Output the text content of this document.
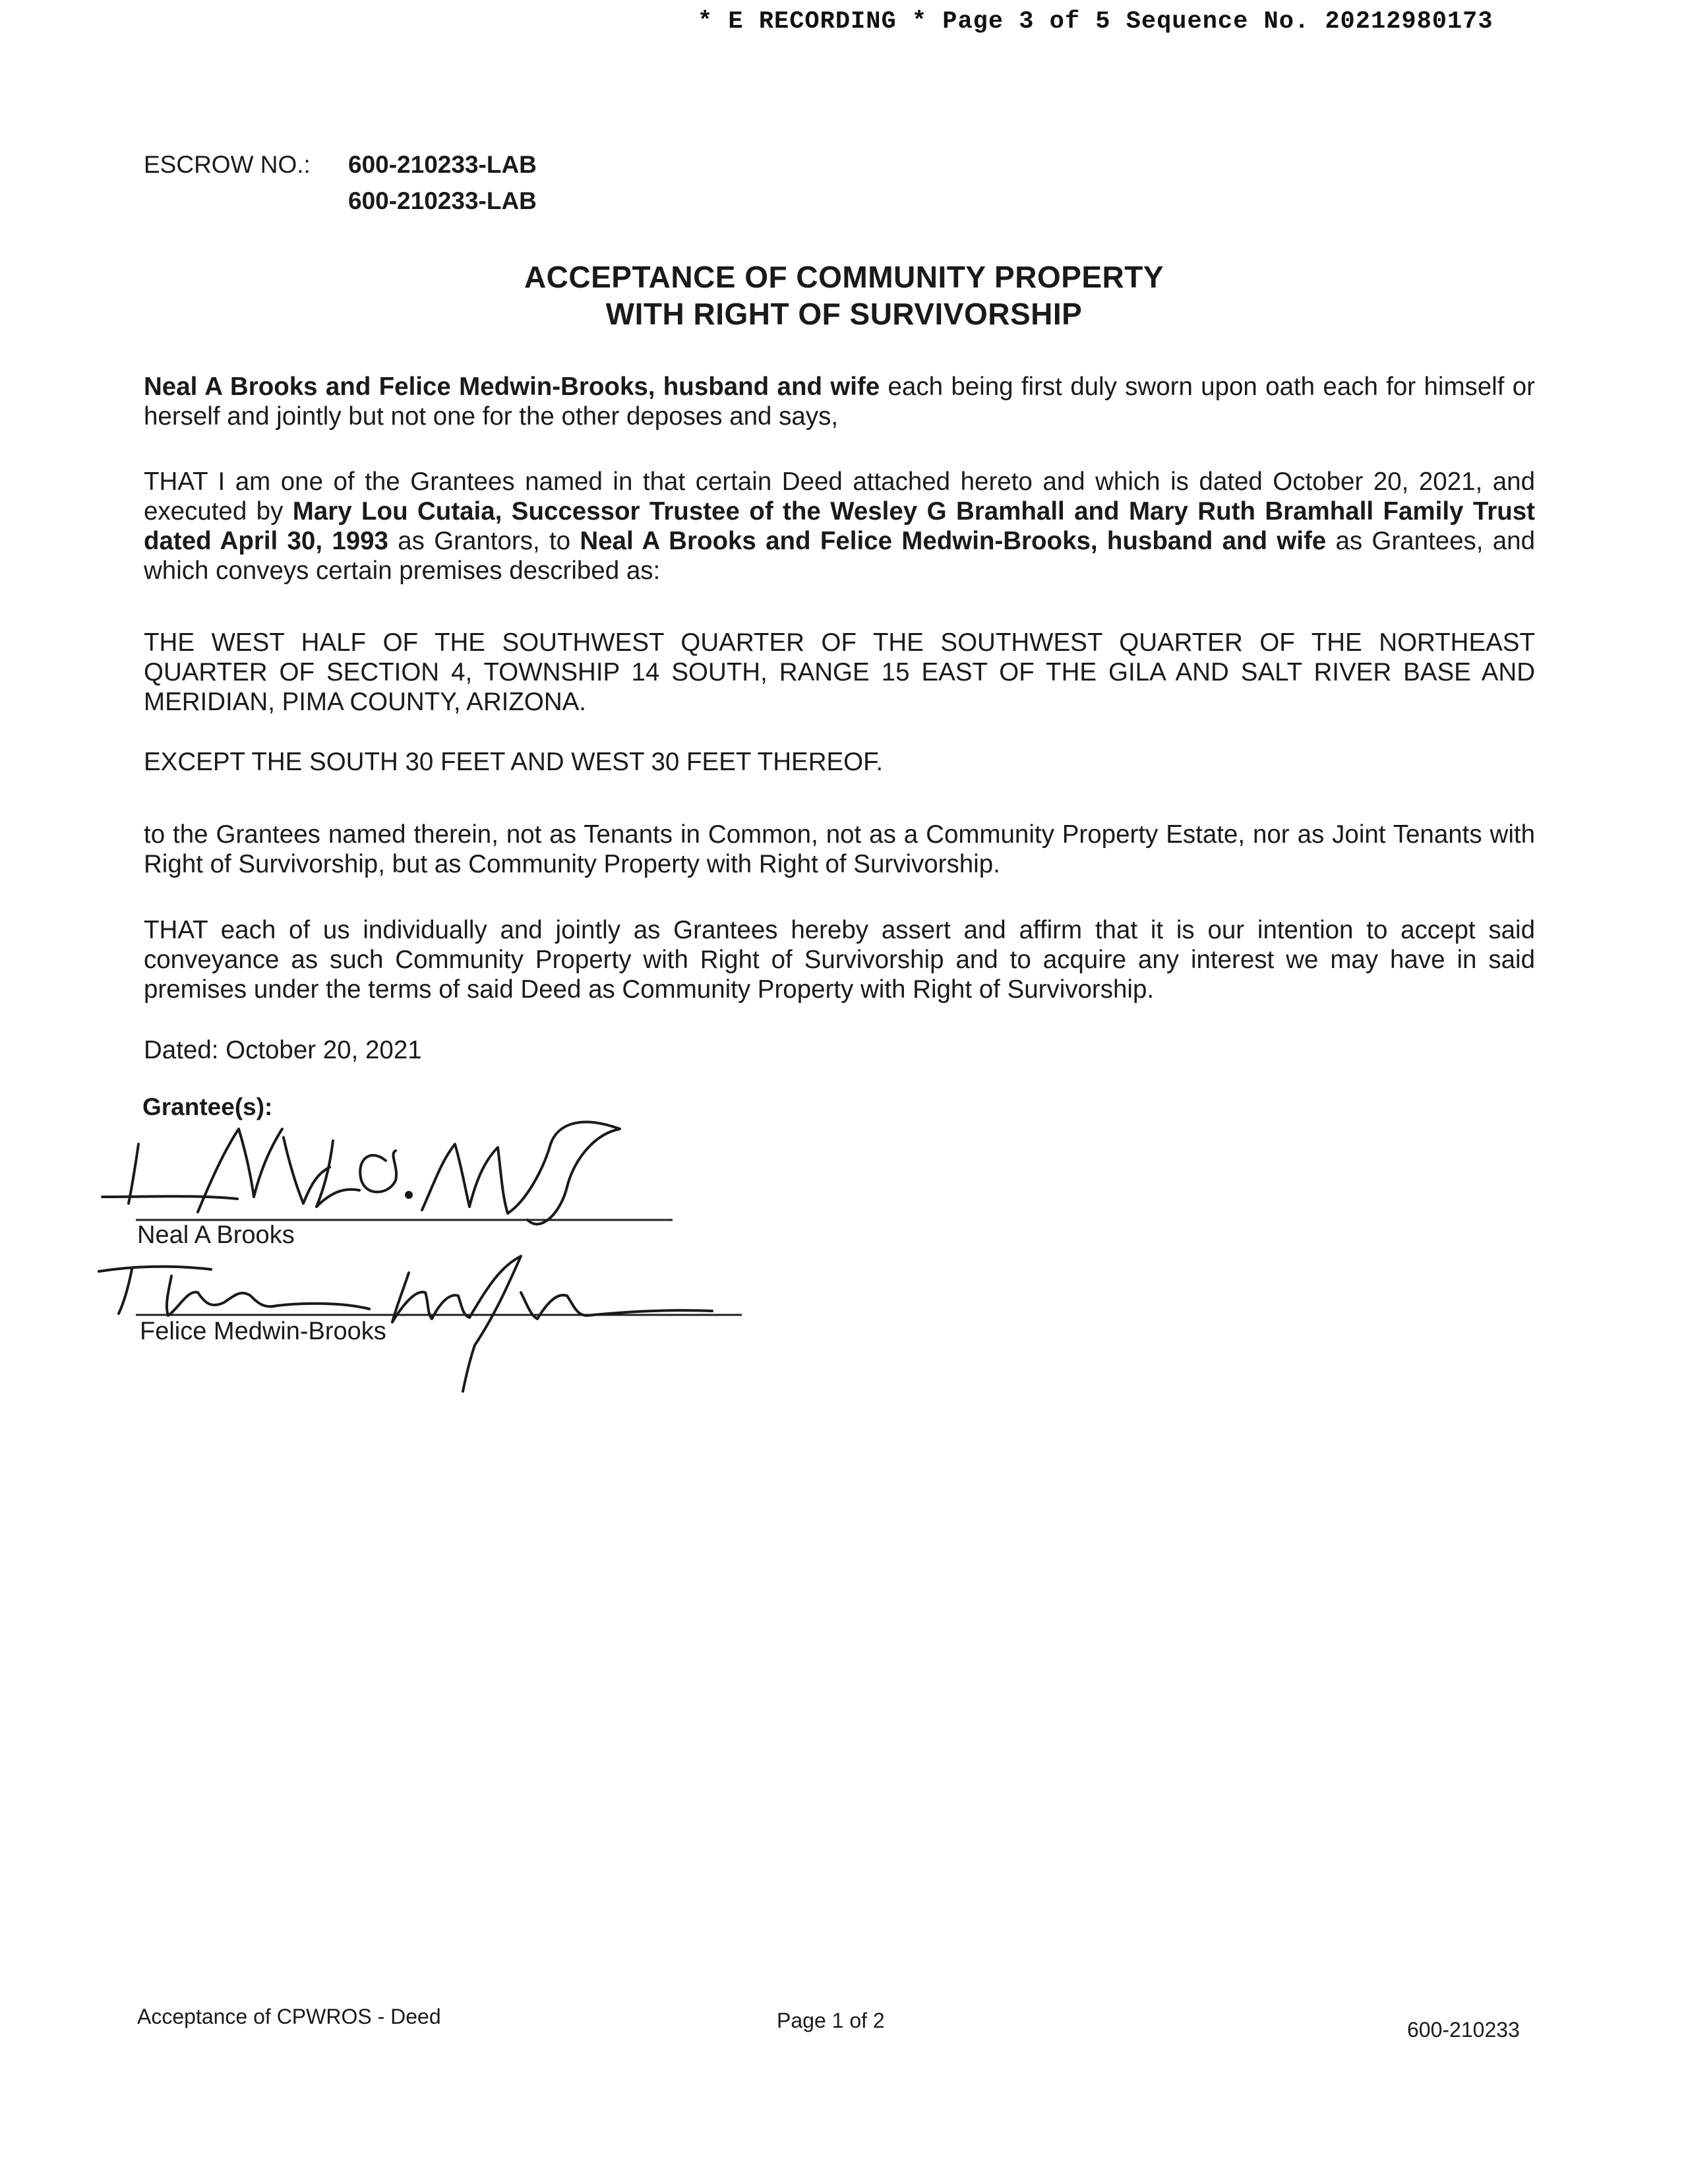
* E RECORDING * Page 3 of 5 Sequence No. 20212980173
ESCROW NO.: 600-210233-LAB
600-210233-LAB
ACCEPTANCE OF COMMUNITY PROPERTY
WITH RIGHT OF SURVIVORSHIP
Neal A Brooks and Felice Medwin-Brooks, husband and wife each being first duly sworn upon oath each for himself or herself and jointly but not one for the other deposes and says,
THAT I am one of the Grantees named in that certain Deed attached hereto and which is dated October 20, 2021, and executed by Mary Lou Cutaia, Successor Trustee of the Wesley G Bramhall and Mary Ruth Bramhall Family Trust dated April 30, 1993 as Grantors, to Neal A Brooks and Felice Medwin-Brooks, husband and wife as Grantees, and which conveys certain premises described as:
THE WEST HALF OF THE SOUTHWEST QUARTER OF THE SOUTHWEST QUARTER OF THE NORTHEAST QUARTER OF SECTION 4, TOWNSHIP 14 SOUTH, RANGE 15 EAST OF THE GILA AND SALT RIVER BASE AND MERIDIAN, PIMA COUNTY, ARIZONA.
EXCEPT THE SOUTH 30 FEET AND WEST 30 FEET THEREOF.
to the Grantees named therein, not as Tenants in Common, not as a Community Property Estate, nor as Joint Tenants with Right of Survivorship, but as Community Property with Right of Survivorship.
THAT each of us individually and jointly as Grantees hereby assert and affirm that it is our intention to accept said conveyance as such Community Property with Right of Survivorship and to acquire any interest we may have in said premises under the terms of said Deed as Community Property with Right of Survivorship.
Dated: October 20, 2021
Grantee(s):
Neal A Brooks
Felice Medwin-Brooks
Acceptance of CPWROS - Deed	Page 1 of 2	600-210233
